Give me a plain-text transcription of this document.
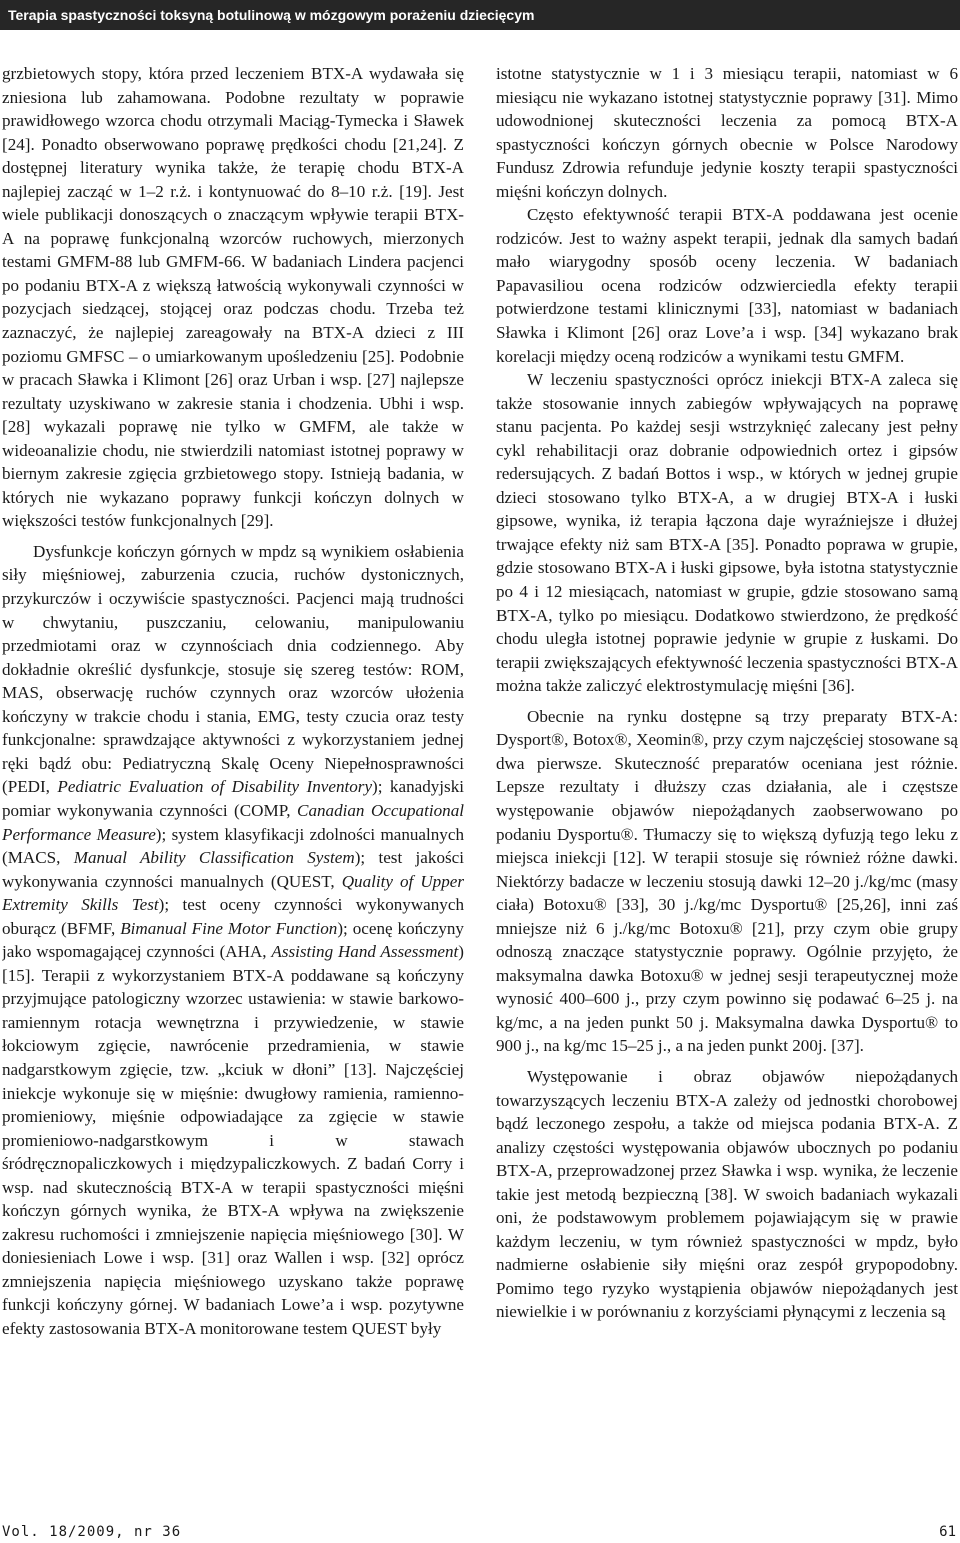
Terapia spastyczności toksyną botulinową w mózgowym porażeniu dziecięcym

grzbietowych stopy, która przed leczeniem BTX-A wydawała się zniesiona lub zahamowana. Podobne rezultaty w poprawie prawidłowego wzorca chodu otrzymali Maciąg-Tymecka i Sławek [24]. Ponadto obserwowano poprawę prędkości chodu [21,24]. Z dostępnej literatury wynika także, że terapię chodu BTX-A najlepiej zacząć w 1–2 r.ż. i kontynuować do 8–10 r.ż. [19]. Jest wiele publikacji donoszących o znaczącym wpływie terapii BTX-A na poprawę funkcjonalną wzorców ruchowych, mierzonych testami GMFM-88 lub GMFM-66. W badaniach Lindera pacjenci po podaniu BTX-A z większą łatwością wykonywali czynności w pozycjach siedzącej, stojącej oraz podczas chodu. Trzeba też zaznaczyć, że najlepiej zareagowały na BTX-A dzieci z III poziomu GMFSC – o umiarkowanym upośledzeniu [25]. Podobnie w pracach Sławka i Klimont [26] oraz Urban i wsp. [27] najlepsze rezultaty uzyskiwano w zakresie stania i chodzenia. Ubhi i wsp. [28] wykazali poprawę nie tylko w GMFM, ale także w wideoanalizie chodu, nie stwierdzili natomiast istotnej poprawy w biernym zakresie zgięcia grzbietowego stopy. Istnieją badania, w których nie wykazano poprawy funkcji kończyn dolnych w większości testów funkcjonalnych [29].

Dysfunkcje kończyn górnych w mpdz są wynikiem osłabienia siły mięśniowej, zaburzenia czucia, ruchów dystonicznych, przykurczów i oczywiście spastyczności. Pacjenci mają trudności w chwytaniu, puszczaniu, celowaniu, manipulowaniu przedmiotami oraz w czynnościach dnia codziennego. Aby dokładnie określić dysfunkcje, stosuje się szereg testów: ROM, MAS, obserwację ruchów czynnych oraz wzorców ułożenia kończyny w trakcie chodu i stania, EMG, testy czucia oraz testy funkcjonalne: sprawdzające aktywności z wykorzystaniem jednej ręki bądź obu: Pediatryczną Skalę Oceny Niepełnosprawności (PEDI, Pediatric Evaluation of Disability Inventory); kanadyjski pomiar wykonywania czynności (COMP, Canadian Occupational Performance Measure); system klasyfikacji zdolności manualnych (MACS, Manual Ability Classification System); test jakości wykonywania czynności manualnych (QUEST, Quality of Upper Extremity Skills Test); test oceny czynności wykonywanych oburącz (BFMF, Bimanual Fine Motor Function); ocenę kończyny jako wspomagającej czynności (AHA, Assisting Hand Assessment) [15]. Terapii z wykorzystaniem BTX-A poddawane są kończyny przyjmujące patologiczny wzorzec ustawienia: w stawie barkowo-ramiennym rotacja wewnętrzna i przywiedzenie, w stawie łokciowym zgięcie, nawrócenie przedramienia, w stawie nadgarstkowym zgięcie, tzw. „kciuk w dłoni” [13]. Najczęściej iniekcje wykonuje się w mięśnie: dwugłowy ramienia, ramienno-promieniowy, mięśnie odpowiadające za zgięcie w stawie promieniowo-nadgarstkowym i w stawach śródręcznopaliczkowych i międzypaliczkowych. Z badań Corry i wsp. nad skutecznością BTX-A w terapii spastyczności mięśni kończyn górnych wynika, że BTX-A wpływa na zwiększenie zakresu ruchomości i zmniejszenie napięcia mięśniowego [30]. W doniesieniach Lowe i wsp. [31] oraz Wallen i wsp. [32] oprócz zmniejszenia napięcia mięśniowego uzyskano także poprawę funkcji kończyny górnej. W badaniach Lowe’a i wsp. pozytywne efekty zastosowania BTX-A monitorowane testem QUEST były

istotne statystycznie w 1 i 3 miesiącu terapii, natomiast w 6 miesiącu nie wykazano istotnej statystycznie poprawy [31]. Mimo udowodnionej skuteczności leczenia za pomocą BTX-A spastyczności kończyn górnych obecnie w Polsce Narodowy Fundusz Zdrowia refunduje jedynie koszty terapii spastyczności mięśni kończyn dolnych.

Często efektywność terapii BTX-A poddawana jest ocenie rodziców. Jest to ważny aspekt terapii, jednak dla samych badań mało wiarygodny sposób oceny leczenia. W badaniach Papavasiliou ocena rodziców odzwierciedla efekty terapii potwierdzone testami klinicznymi [33], natomiast w badaniach Sławka i Klimont [26] oraz Love’a i wsp. [34] wykazano brak korelacji między oceną rodziców a wynikami testu GMFM.

W leczeniu spastyczności oprócz iniekcji BTX-A zaleca się także stosowanie innych zabiegów wpływających na poprawę stanu pacjenta. Po każdej sesji wstrzyknięć zalecany jest pełny cykl rehabilitacji oraz dobranie odpowiednich ortez i gipsów redersujących. Z badań Bottos i wsp., w których w jednej grupie dzieci stosowano tylko BTX-A, a w drugiej BTX-A i łuski gipsowe, wynika, iż terapia łączona daje wyraźniejsze i dłużej trwające efekty niż sam BTX-A [35]. Ponadto poprawa w grupie, gdzie stosowano BTX-A i łuski gipsowe, była istotna statystycznie po 4 i 12 miesiącach, natomiast w grupie, gdzie stosowano samą BTX-A, tylko po miesiącu. Dodatkowo stwierdzono, że prędkość chodu uległa istotnej poprawie jedynie w grupie z łuskami. Do terapii zwiększających efektywność leczenia spastyczności BTX-A można także zaliczyć elektrostymulację mięśni [36].

Obecnie na rynku dostępne są trzy preparaty BTX-A: Dysport®, Botox®, Xeomin®, przy czym najczęściej stosowane są dwa pierwsze. Skuteczność preparatów oceniana jest różnie. Lepsze rezultaty i dłuższy czas działania, ale i częstsze występowanie objawów niepożądanych zaobserwowano po podaniu Dysportu®. Tłumaczy się to większą dyfuzją tego leku z miejsca iniekcji [12]. W terapii stosuje się również różne dawki. Niektórzy badacze w leczeniu stosują dawki 12–20 j./kg/mc (masy ciała) Botoxu® [33], 30 j./kg/mc Dysportu® [25,26], inni zaś mniejsze niż 6 j./kg/mc Botoxu® [21], przy czym obie grupy odnoszą znaczące statystycznie poprawy. Ogólnie przyjęto, że maksymalna dawka Botoxu® w jednej sesji terapeutycznej może wynosić 400–600 j., przy czym powinno się podawać 6–25 j. na kg/mc, a na jeden punkt 50 j. Maksymalna dawka Dysportu® to 900 j., na kg/mc 15–25 j., a na jeden punkt 200j. [37].

Występowanie i obraz objawów niepożądanych towarzyszących leczeniu BTX-A zależy od jednostki chorobowej bądź leczonego zespołu, a także od miejsca podania BTX-A. Z analizy częstości występowania objawów ubocznych po podaniu BTX-A, przeprowadzonej przez Sławka i wsp. wynika, że leczenie takie jest metodą bezpieczną [38]. W swoich badaniach wykazali oni, że podstawowym problemem pojawiającym się w prawie każdym leczeniu, w tym również spastyczności w mpdz, było nadmierne osłabienie siły mięśni oraz zespół grypopodobny. Pomimo tego ryzyko wystąpienia objawów niepożądanych jest niewielkie i w porównaniu z korzyściami płynącymi z leczenia są

Vol. 18/2009, nr 36	61
